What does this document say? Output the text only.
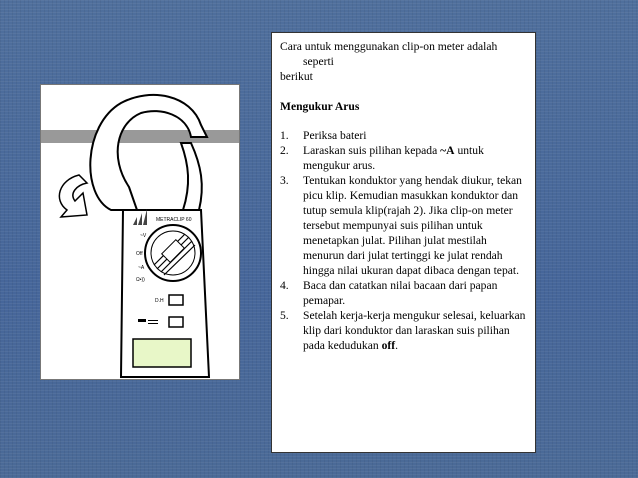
METRACLIP 60
~V
Off
~A
Ω•))
D.H
Cara untuk menggunakan clip-on meter adalah
seperti
berikut
Mengukur Arus
1.	Periksa bateri
2.	Laraskan suis pilihan kepada ~A untuk mengukur arus.
3.	Tentukan konduktor yang hendak diukur, tekan picu klip. Kemudian masukkan konduktor dan tutup semula klip(rajah 2). Jika clip-on meter tersebut mempunyai suis pilihan untuk menetapkan julat. Pilihan julat mestilah menurun dari julat tertinggi ke julat rendah hingga nilai ukuran dapat dibaca dengan tepat.
4.	Baca dan catatkan nilai bacaan dari papan pemapar.
5.	Setelah kerja-kerja mengukur selesai, keluarkan klip dari konduktor dan laraskan suis pilihan pada kedudukan off.
